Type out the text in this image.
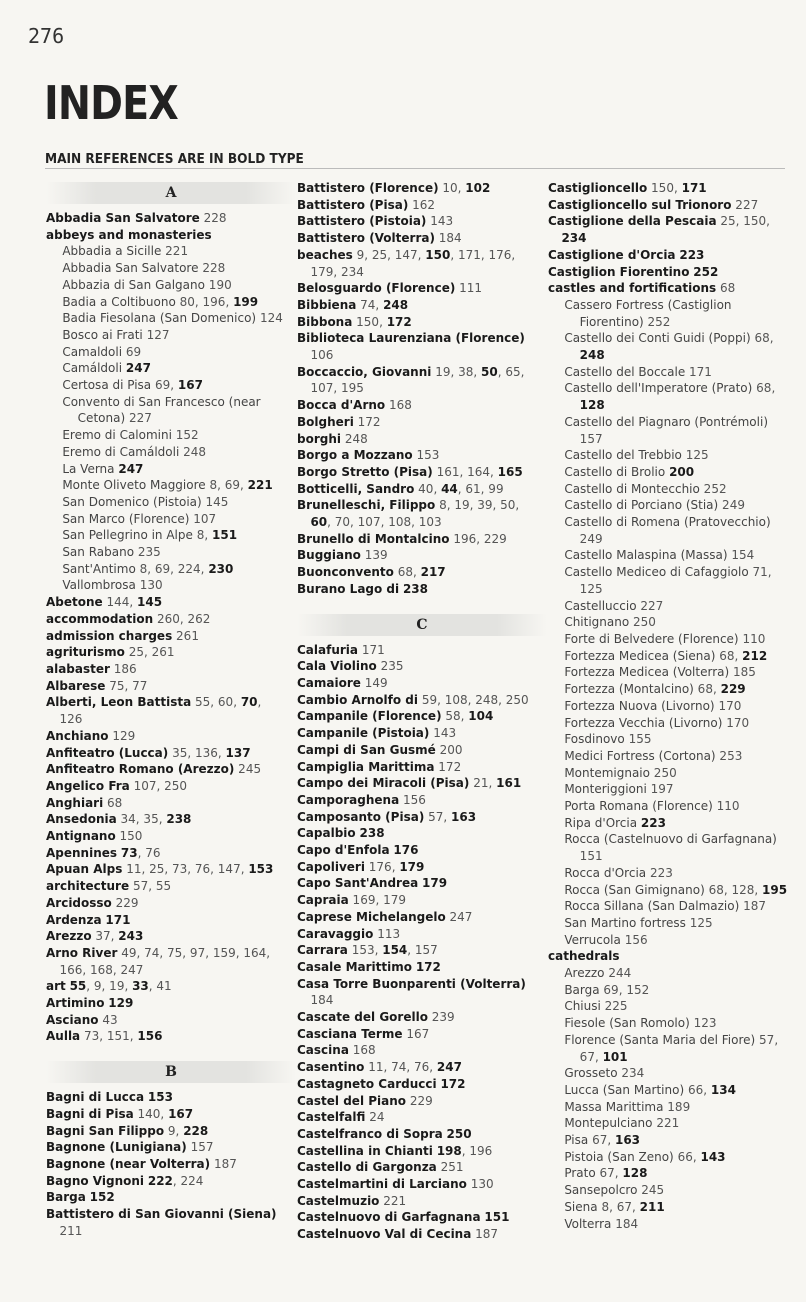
276
INDEX
MAIN REFERENCES ARE IN BOLD TYPE
A
Abbadia San Salvatore 228
abbeys and monasteries
Abbadia a Sicille 221
Abbadia San Salvatore 228
Abbazia di San Galgano 190
Badia a Coltibuono 80, 196, 199
Badia Fiesolana (San Domenico) 124
Bosco ai Frati 127
Camaldoli 69
Camáldoli 247
Certosa di Pisa 69, 167
Convento di San Francesco (near Cetona) 227
Eremo di Calomini 152
Eremo di Camáldoli 248
La Verna 247
Monte Oliveto Maggiore 8, 69, 221
San Domenico (Pistoia) 145
San Marco (Florence) 107
San Pellegrino in Alpe 8, 151
San Rabano 235
Sant'Antimo 8, 69, 224, 230
Vallombrosa 130
Abetone 144, 145
accommodation 260, 262
admission charges 261
agriturismo 25, 261
alabaster 186
Albarese 75, 77
Alberti, Leon Battista 55, 60, 70, 126
Anchiano 129
Anfiteatro (Lucca) 35, 136, 137
Anfiteatro Romano (Arezzo) 245
Angelico Fra 107, 250
Anghiari 68
Ansedonia 34, 35, 238
Antignano 150
Apennines 73, 76
Apuan Alps 11, 25, 73, 76, 147, 153
architecture 57, 55
Arcidosso 229
Ardenza 171
Arezzo 37, 243
Arno River 49, 74, 75, 97, 159, 164, 166, 168, 247
art 55, 9, 19, 33, 41
Artimino 129
Asciano 43
Aulla 73, 151, 156
B
Bagni di Lucca 153
Bagni di Pisa 140, 167
Bagni San Filippo 9, 228
Bagnone (Lunigiana) 157
Bagnone (near Volterra) 187
Bagno Vignoni 222, 224
Barga 152
Battistero di San Giovanni (Siena) 211
Battistero (Florence) 10, 102
Battistero (Pisa) 162
Battistero (Pistoia) 143
Battistero (Volterra) 184
beaches 9, 25, 147, 150, 171, 176, 179, 234
Belosguardo (Florence) 111
Bibbiena 74, 248
Bibbona 150, 172
Biblioteca Laurenziana (Florence) 106
Boccaccio, Giovanni 19, 38, 50, 65, 107, 195
Bocca d'Arno 168
Bolgheri 172
borghi 248
Borgo a Mozzano 153
Borgo Stretto (Pisa) 161, 164, 165
Botticelli, Sandro 40, 44, 61, 99
Brunelleschi, Filippo 8, 19, 39, 50, 60, 70, 107, 108, 103
Brunello di Montalcino 196, 229
Buggiano 139
Buonconvento 68, 217
Burano Lago di 238
C
Calafuria 171
Cala Violino 235
Camaiore 149
Cambio Arnolfo di 59, 108, 248, 250
Campanile (Florence) 58, 104
Campanile (Pistoia) 143
Campi di San Gusmé 200
Campiglia Marittima 172
Campo dei Miracoli (Pisa) 21, 161
Camporaghena 156
Camposanto (Pisa) 57, 163
Capalbio 238
Capo d'Enfola 176
Capoliveri 176, 179
Capo Sant'Andrea 179
Capraia 169, 179
Caprese Michelangelo 247
Caravaggio 113
Carrara 153, 154, 157
Casale Marittimo 172
Casa Torre Buonparenti (Volterra) 184
Cascate del Gorello 239
Casciana Terme 167
Cascina 168
Casentino 11, 74, 76, 247
Castagneto Carducci 172
Castel del Piano 229
Castelfalfi 24
Castelfranco di Sopra 250
Castellina in Chianti 198, 196
Castello di Gargonza 251
Castelmartini di Larciano 130
Castelmuzio 221
Castelnuovo di Garfagnana 151
Castelnuovo Val di Cecina 187
Castiglioncello 150, 171
Castiglioncello sul Trionoro 227
Castiglione della Pescaia 25, 150, 234
Castiglione d'Orcia 223
Castiglion Fiorentino 252
castles and fortifications 68
Cassero Fortress (Castiglion Fiorentino) 252
Castello dei Conti Guidi (Poppi) 68, 248
Castello del Boccale 171
Castello dell'Imperatore (Prato) 68, 128
Castello del Piagnaro (Pontrémoli) 157
Castello del Trebbio 125
Castello di Brolio 200
Castello di Montecchio 252
Castello di Porciano (Stia) 249
Castello di Romena (Pratovecchio) 249
Castello Malaspina (Massa) 154
Castello Mediceo di Cafaggiolo 71, 125
Castelluccio 227
Chitignano 250
Forte di Belvedere (Florence) 110
Fortezza Medicea (Siena) 68, 212
Fortezza Medicea (Volterra) 185
Fortezza (Montalcino) 68, 229
Fortezza Nuova (Livorno) 170
Fortezza Vecchia (Livorno) 170
Fosdinovo 155
Medici Fortress (Cortona) 253
Montemignaio 250
Monteriggioni 197
Porta Romana (Florence) 110
Ripa d'Orcia 223
Rocca (Castelnuovo di Garfagnana) 151
Rocca d'Orcia 223
Rocca (San Gimignano) 68, 128, 195
Rocca Sillana (San Dalmazio) 187
San Martino fortress 125
Verrucola 156
cathedrals
Arezzo 244
Barga 69, 152
Chiusi 225
Fiesole (San Romolo) 123
Florence (Santa Maria del Fiore) 57, 67, 101
Grosseto 234
Lucca (San Martino) 66, 134
Massa Marittima 189
Montepulciano 221
Pisa 67, 163
Pistoia (San Zeno) 66, 143
Prato 67, 128
Sansepolcro 245
Siena 8, 67, 211
Volterra 184
